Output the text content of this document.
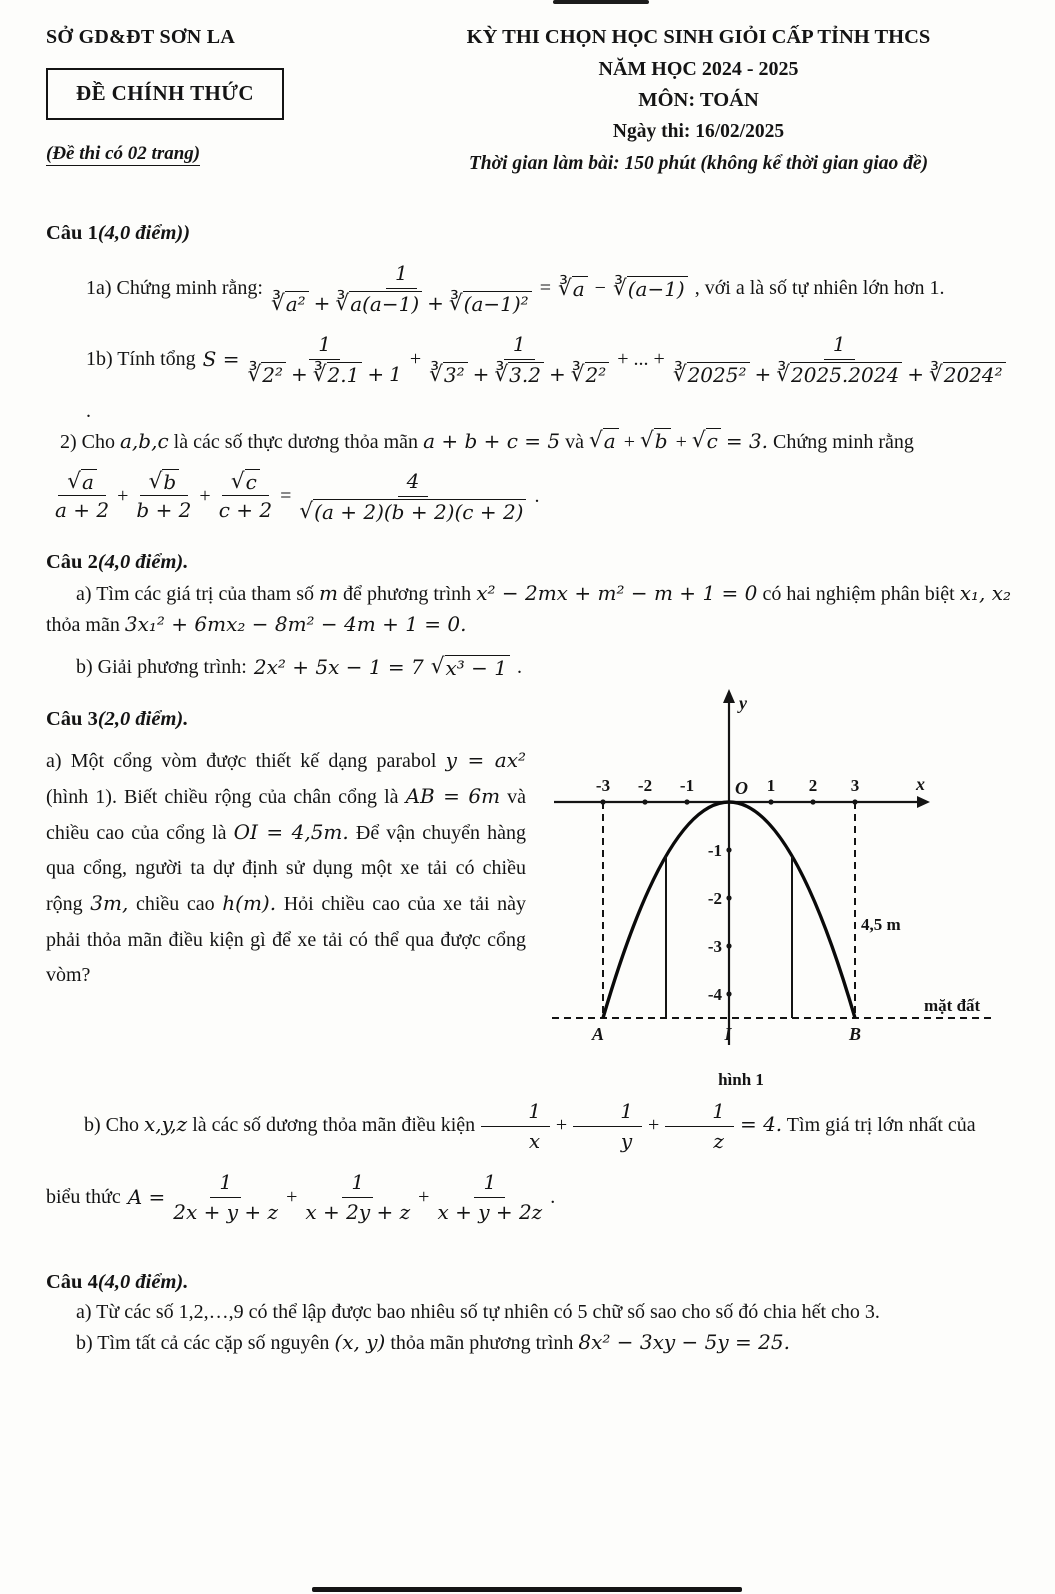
SỞ GD&ĐT SƠN LA
ĐỀ CHÍNH THỨC
(Đề thi có 02 trang)
KỲ THI CHỌN HỌC SINH GIỎI CẤP TỈNH THCS
NĂM HỌC 2024 - 2025
MÔN: TOÁN
Ngày thi: 16/02/2025
Thời gian làm bài: 150 phút (không kể thời gian giao đề)
Câu 1(4,0 điểm))
1a) Chứng minh rằng:
1
∛ a² + ∛ a(a−1) + ∛ (a−1)²
= ∛ a − ∛ (a−1) , với a là số tự nhiên lớn hơn 1.
1b) Tính tổng $S = \frac{1}{\text{∛ 2² + ∛ 2.1 + 1}} + \frac{1}{\text{∛ 3² + ∛ 3.2 + ∛ 2²}}$ + ... +
1
∛ 2025² + ∛ 2025.2024 + ∛ 2024²
.

2) Cho a,b,c là các số thực dương thỏa mãn a + b + c = 5 và √ a + √ b + √ c = 3. Chứng minh rằng

$\frac{√ a}{a + 2} + \frac{√ b}{b + 2} + \frac{√ c}{c + 2} = \frac{4}{√ (a + 2)(b + 2)(c + 2)}$ .
Câu 2(4,0 điểm).

a) Tìm các giá trị của tham số m để phương trình x² − 2mx + m² − m + 1 = 0 có hai nghiệm phân biệt x₁, x₂ thỏa mãn 3x₁² + 6mx₂ − 8m² − 4m + 1 = 0.

b) Giải phương trình: 2x² + 5x − 1 = 7 √ x³ − 1 .
Câu 3(2,0 điểm).

a) Một cổng vòm được thiết kế dạng parabol y = ax² (hình 1). Biết chiều rộng của chân cổng là AB = 6m và chiều cao của cổng là OI = 4,5m. Để vận chuyển hàng qua cổng, người ta dự định sử dụng một xe tải có chiều rộng 3m, chiều cao h(m). Hỏi chiều cao của xe tải này phải thỏa mãn điều kiện gì để xe tải có thể qua được cổng vòm?

y
x
-3 -2 -1 O 1 2 3
-1
-2
-3
-4
4,5 m
mặt đất
A	I	B
hình 1

b) Cho x,y,z là các số dương thỏa mãn điều kiện $\frac{1}{x} + \frac{1}{y} + \frac{1}{z} = 4$. Tìm giá trị lớn nhất của

biểu thức $A = \frac{1}{2x + y + z} + \frac{1}{x + 2y + z} + \frac{1}{x + y + 2z}$ .
Câu 4(4,0 điểm).

a) Từ các số 1,2,…,9 có thể lập được bao nhiêu số tự nhiên có 5 chữ số sao cho số đó chia hết cho 3.

b) Tìm tất cả các cặp số nguyên (x, y) thỏa mãn phương trình 8x² − 3xy − 5y = 25.
